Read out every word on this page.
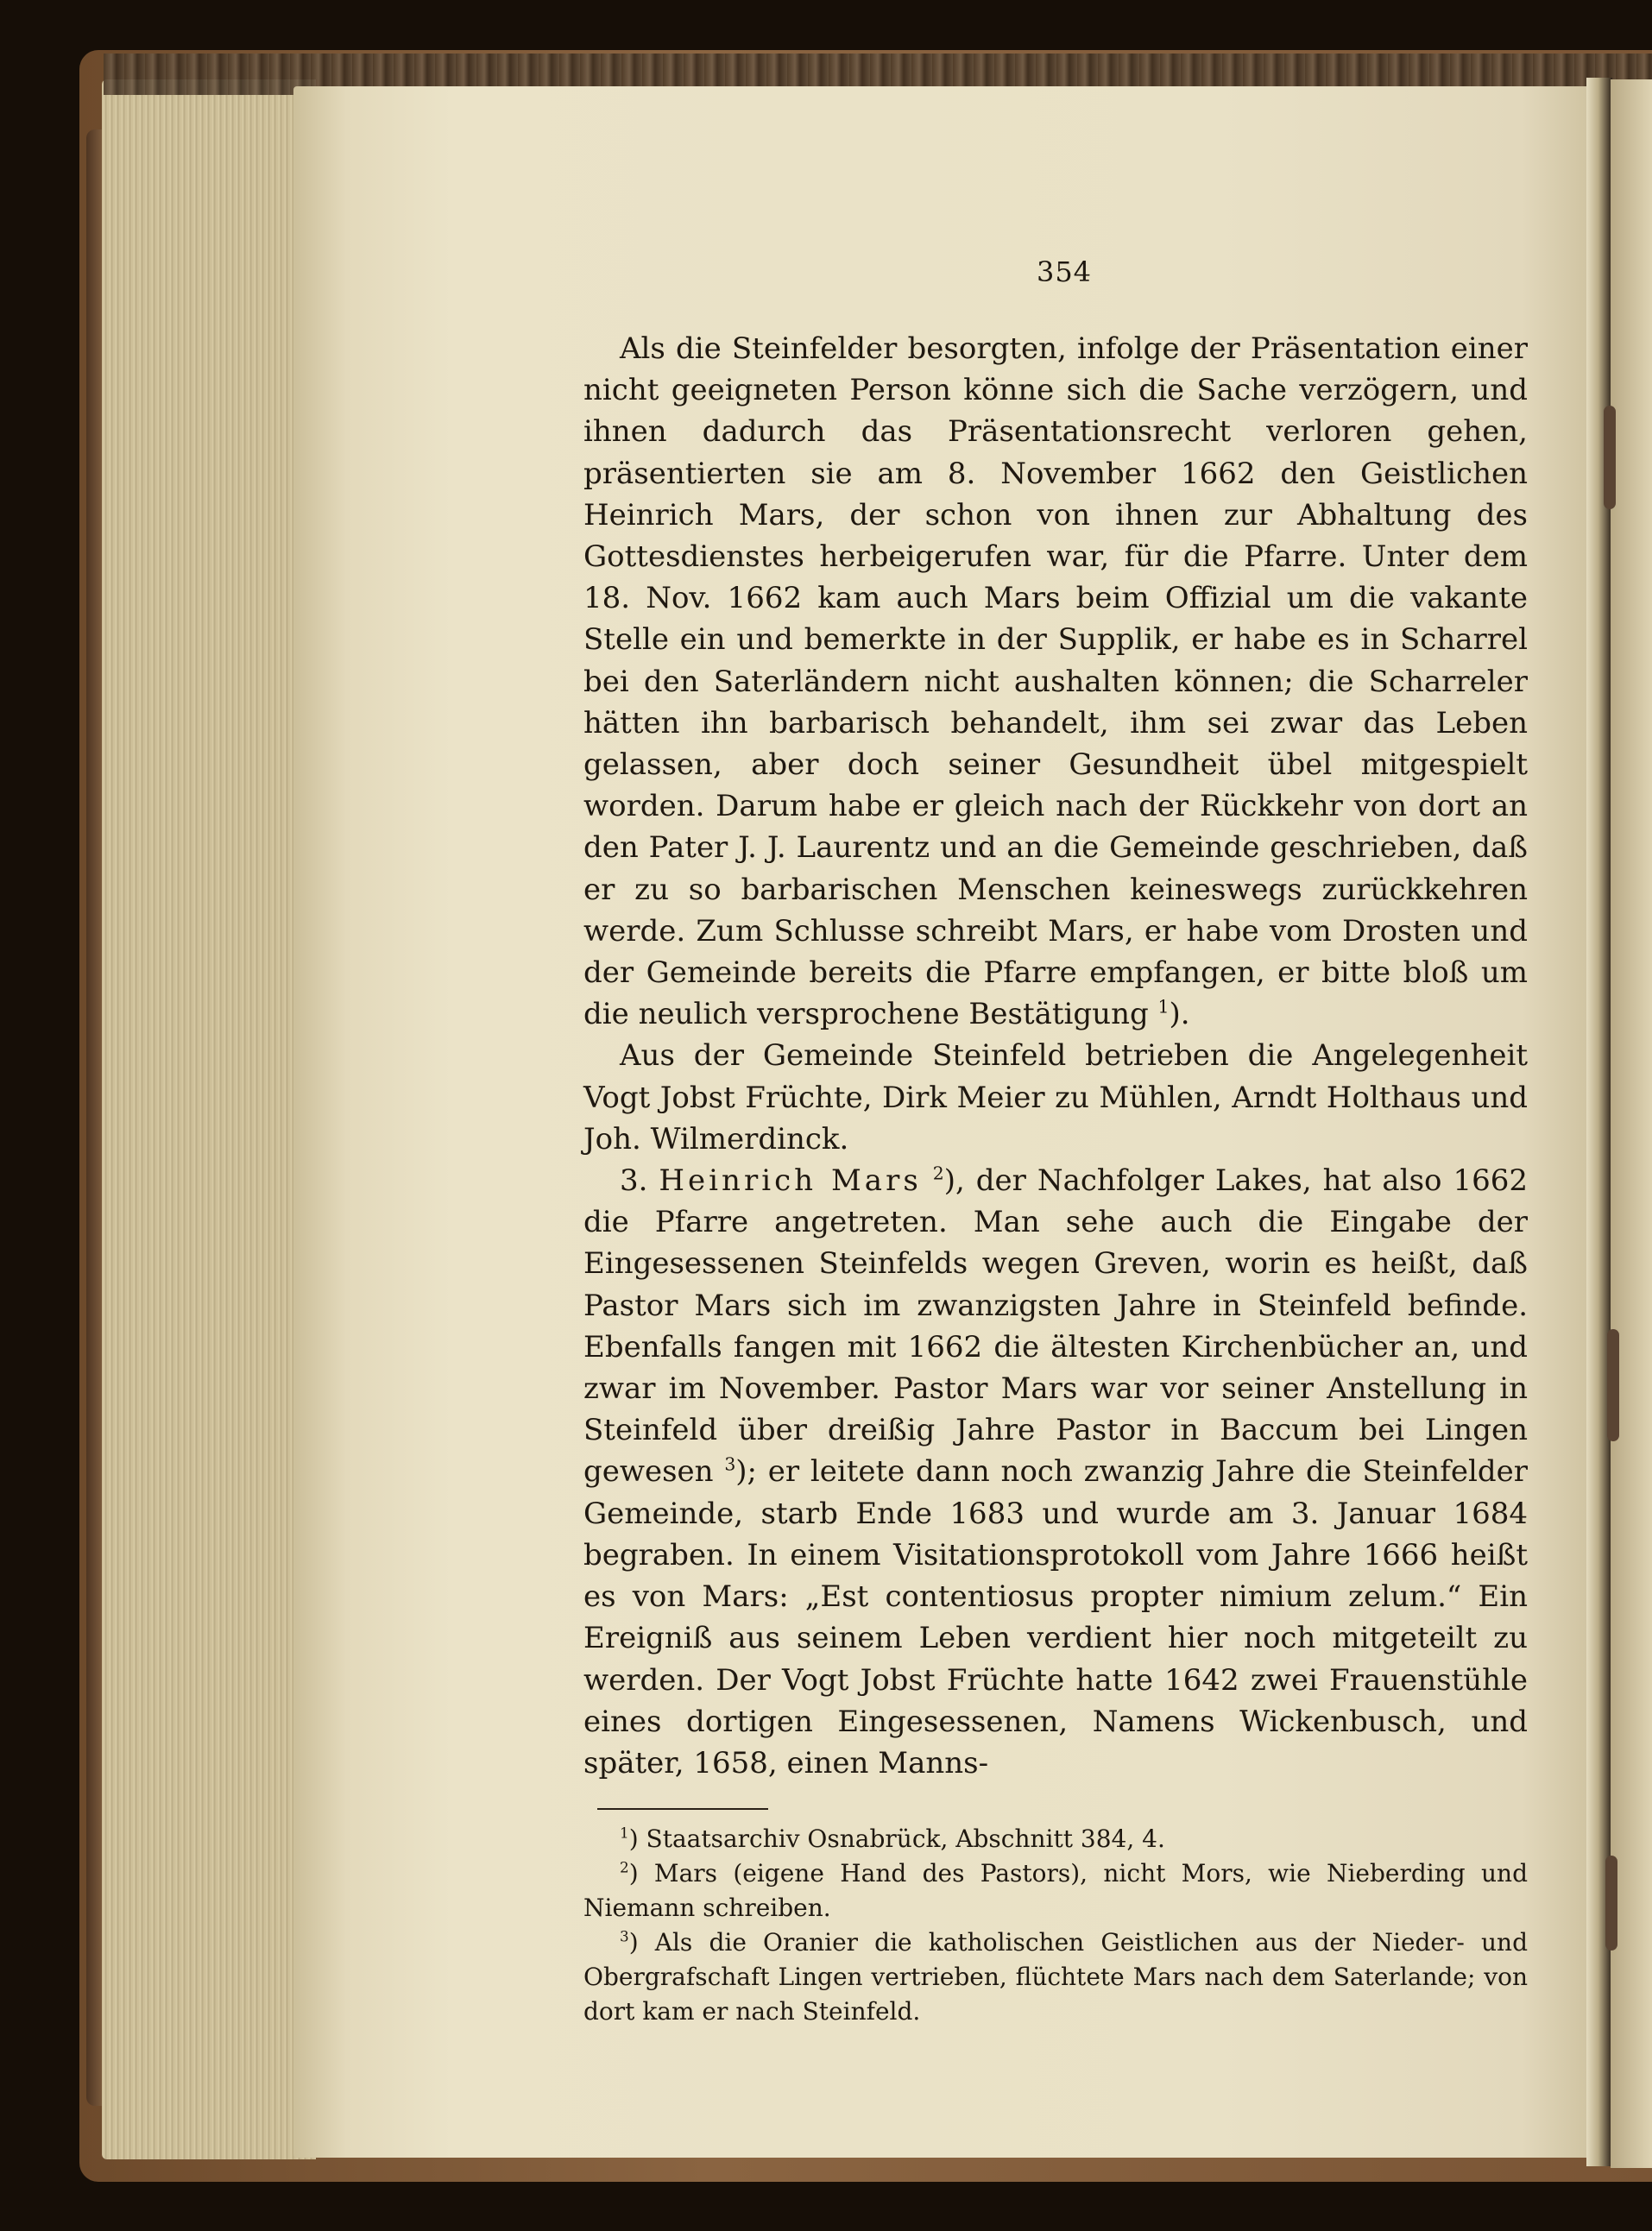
354

Als die Steinfelder besorgten, infolge der Präsentation einer nicht geeigneten Person könne sich die Sache verzögern, und ihnen dadurch das Präsentationsrecht verloren gehen, präsentierten sie am 8. November 1662 den Geistlichen Heinrich Mars, der schon von ihnen zur Abhaltung des Gottesdienstes herbeigerufen war, für die Pfarre. Unter dem 18. Nov. 1662 kam auch Mars beim Offizial um die vakante Stelle ein und bemerkte in der Supplik, er habe es in Scharrel bei den Saterländern nicht aushalten können; die Scharreler hätten ihn barbarisch behandelt, ihm sei zwar das Leben gelassen, aber doch seiner Gesundheit übel mitgespielt worden. Darum habe er gleich nach der Rückkehr von dort an den Pater J. J. Laurentz und an die Gemeinde geschrieben, daß er zu so barbarischen Menschen keineswegs zurückkehren werde. Zum Schlusse schreibt Mars, er habe vom Drosten und der Gemeinde bereits die Pfarre empfangen, er bitte bloß um die neulich versprochene Bestätigung $^1$).

Aus der Gemeinde Steinfeld betrieben die Angelegenheit Vogt Jobst Früchte, Dirk Meier zu Mühlen, Arndt Holthaus und Joh. Wilmerdinck.

3. Heinrich Mars $^2$), der Nachfolger Lakes, hat also 1662 die Pfarre angetreten. Man sehe auch die Eingabe der Eingesessenen Steinfelds wegen Greven, worin es heißt, daß Pastor Mars sich im zwanzigsten Jahre in Steinfeld befinde. Ebenfalls fangen mit 1662 die ältesten Kirchenbücher an, und zwar im November. Pastor Mars war vor seiner Anstellung in Steinfeld über dreißig Jahre Pastor in Baccum bei Lingen gewesen $^3$); er leitete dann noch zwanzig Jahre die Steinfelder Gemeinde, starb Ende 1683 und wurde am 3. Januar 1684 begraben. In einem Visitationsprotokoll vom Jahre 1666 heißt es von Mars: „Est contentiosus propter nimium zelum.“ Ein Ereigniß aus seinem Leben verdient hier noch mitgeteilt zu werden. Der Vogt Jobst Früchte hatte 1642 zwei Frauenstühle eines dortigen Eingesessenen, Namens Wickenbusch, und später, 1658, einen Manns-

$^1$) Staatsarchiv Osnabrück, Abschnitt 384, 4.

$^2$) Mars (eigene Hand des Pastors), nicht Mors, wie Nieberding und Niemann schreiben.

$^3$) Als die Oranier die katholischen Geistlichen aus der Nieder- und Obergrafschaft Lingen vertrieben, flüchtete Mars nach dem Saterlande; von dort kam er nach Steinfeld.
